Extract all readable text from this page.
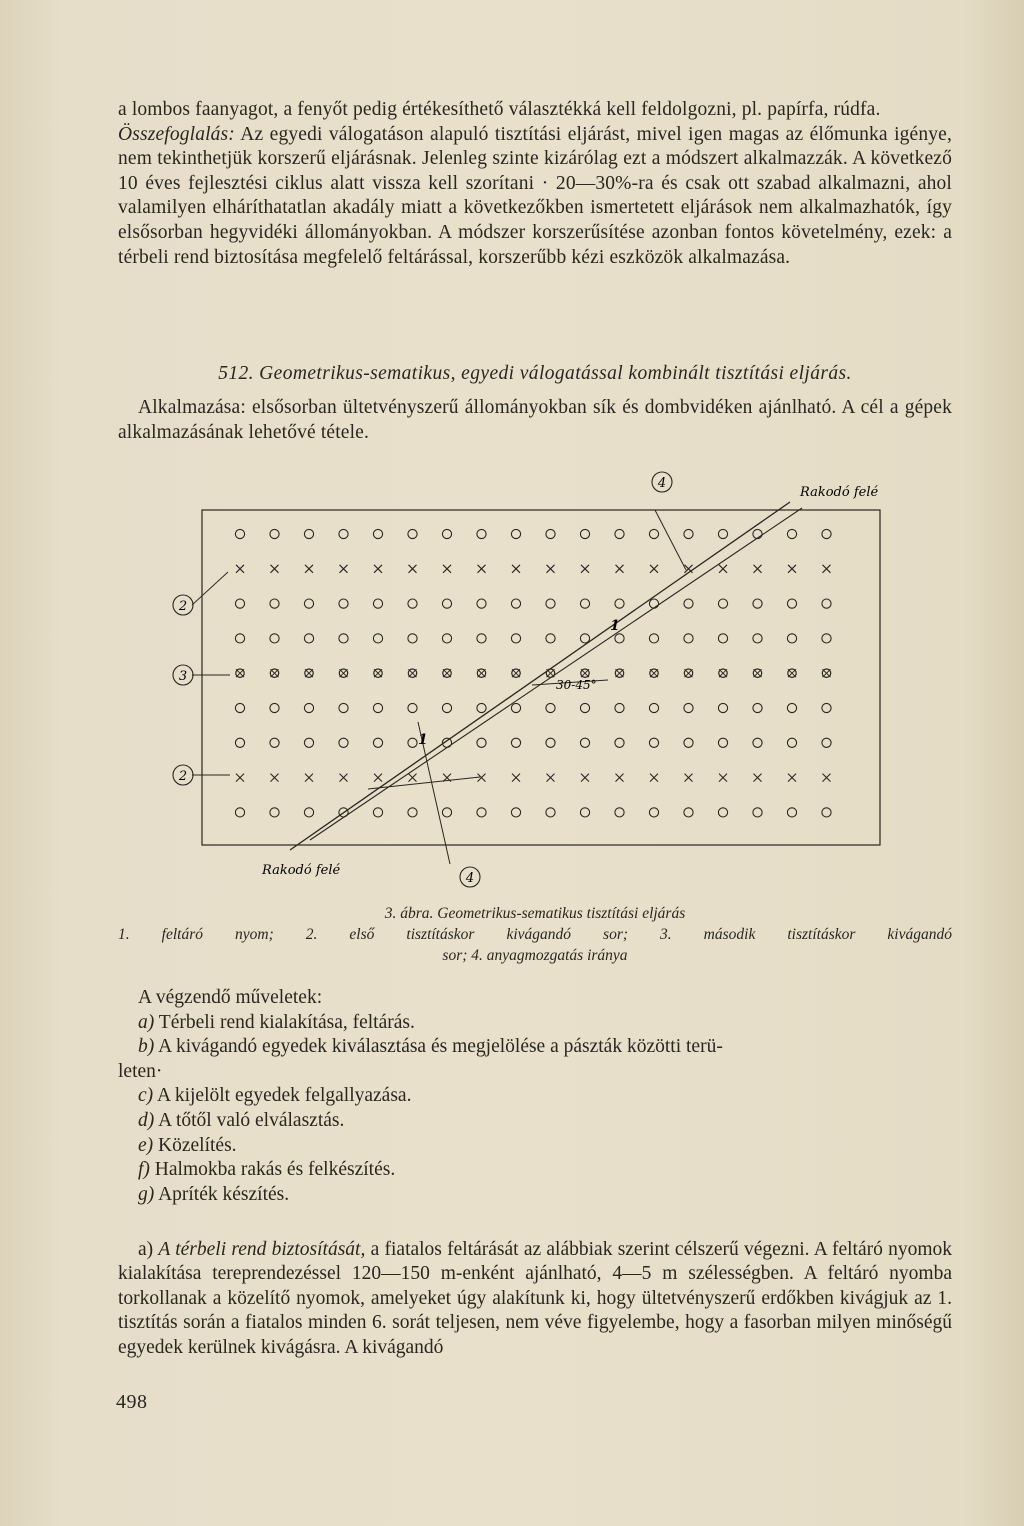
a lombos faanyagot, a fenyőt pedig értékesíthető választékká kell feldolgozni, pl. papírfa, rúdfa.

Összefoglalás: Az egyedi válogatáson alapuló tisztítási eljárást, mivel igen magas az élőmunka igénye, nem tekinthetjük korszerű eljárásnak. Jelenleg szinte kizárólag ezt a módszert alkalmazzák. A következő 10 éves fejlesztési ciklus alatt vissza kell szorítani · 20—30%-ra és csak ott szabad alkalmazni, ahol valamilyen elháríthatatlan akadály miatt a következőkben ismertetett eljárások nem alkalmazhatók, így elsősorban hegyvidéki állományokban. A módszer korszerűsítése azonban fontos követelmény, ezek: a térbeli rend biztosítása megfelelő feltárással, korszerűbb kézi eszközök alkalmazása.

512. Geometrikus-sematikus, egyedi válogatással kombinált tisztítási eljárás.

Alkalmazása: elsősorban ültetvényszerű állományokban sík és dombvidéken ajánlható. A cél a gépek alkalmazásának lehetővé tétele.
4
2
3
2
4
Rakodó felé
Rakodó felé
30-45°
1
1
3. ábra. Geometrikus-sematikus tisztítási eljárás
1. feltáró nyom; 2. első tisztításkor kivágandó sor; 3. második tisztításkor kivágandó
sor; 4. anyagmozgatás iránya
A végzendő műveletek:
a) Térbeli rend kialakítása, feltárás.
b) A kivágandó egyedek kiválasztása és megjelölése a pászták közötti terü-
leten·
c) A kijelölt egyedek felgallyazása.
d) A tőtől való elválasztás.
e) Közelítés.
f) Halmokba rakás és felkészítés.
g) Apríték készítés.

a) A térbeli rend biztosítását, a fiatalos feltárását az alábbiak szerint célszerű végezni. A feltáró nyomok kialakítása tereprendezéssel 120—150 m-enként ajánlható, 4—5 m szélességben. A feltáró nyomba torkollanak a közelítő nyomok, amelyeket úgy alakítunk ki, hogy ültetvényszerű erdőkben kivágjuk az 1. tisztítás során a fiatalos minden 6. sorát teljesen, nem véve figyelembe, hogy a fasorban milyen minőségű egyedek kerülnek kivágásra. A kivágandó

498
